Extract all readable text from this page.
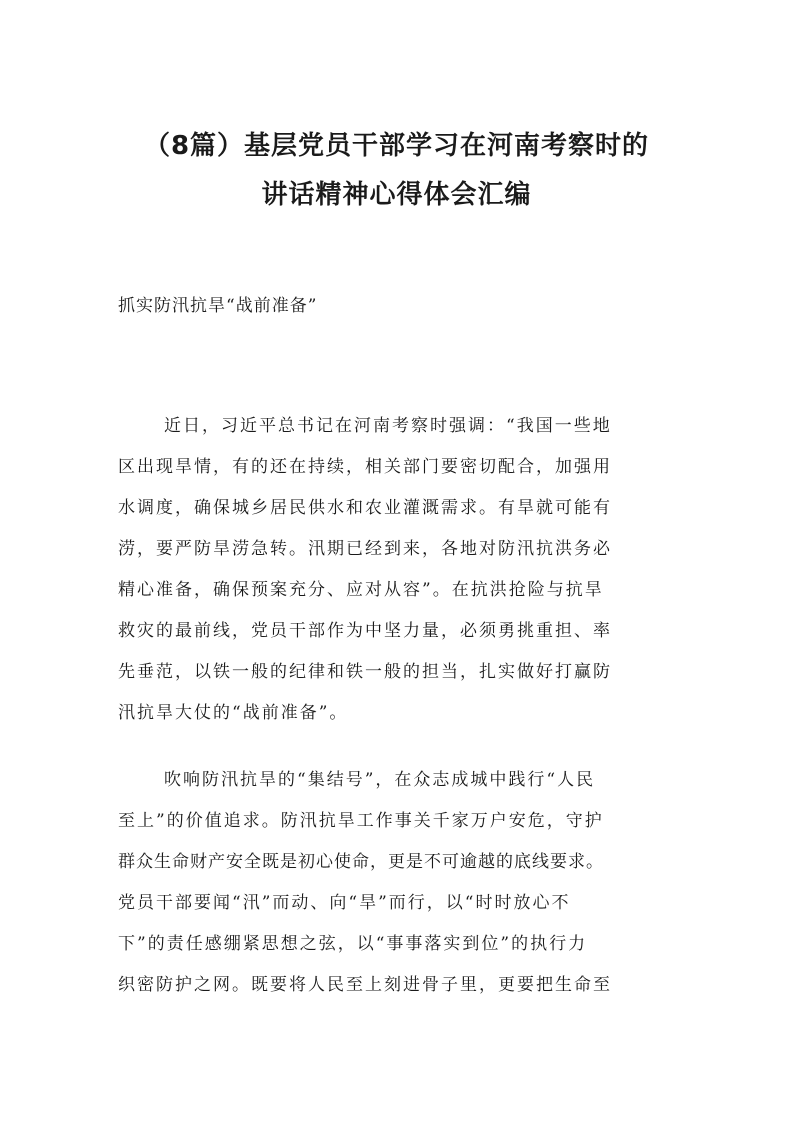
（8篇）基层党员干部学习在河南考察时的
讲话精神心得体会汇编
抓实防汛抗旱“战前准备”
近日，习近平总书记在河南考察时强调：“我国一些地
区出现旱情，有的还在持续，相关部门要密切配合，加强用
水调度，确保城乡居民供水和农业灌溉需求。有旱就可能有
涝，要严防旱涝急转。汛期已经到来，各地对防汛抗洪务必
精心准备，确保预案充分、应对从容”。在抗洪抢险与抗旱
救灾的最前线，党员干部作为中坚力量，必须勇挑重担、率
先垂范，以铁一般的纪律和铁一般的担当，扎实做好打赢防
汛抗旱大仗的“战前准备”。
吹响防汛抗旱的“集结号”，在众志成城中践行“人民
至上”的价值追求。防汛抗旱工作事关千家万户安危，守护
群众生命财产安全既是初心使命，更是不可逾越的底线要求。
党员干部要闻“汛”而动、向“旱”而行，以“时时放心不
下”的责任感绷紧思想之弦，以“事事落实到位”的执行力
织密防护之网。既要将人民至上刻进骨子里，更要把生命至
